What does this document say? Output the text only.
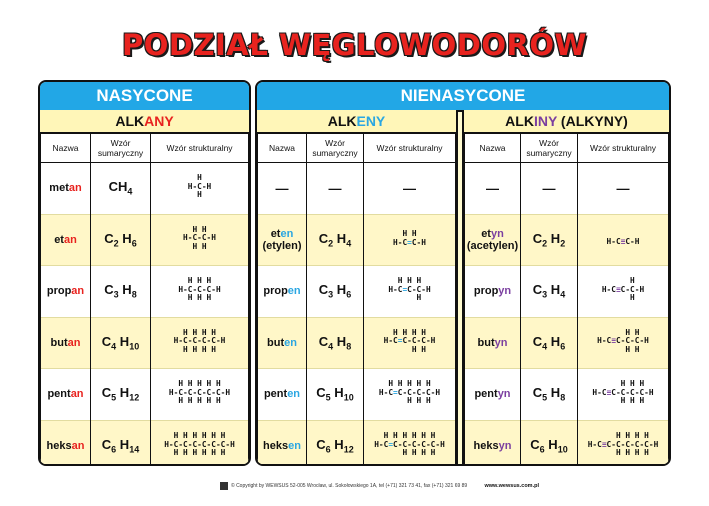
PODZIAŁ WĘGLOWODORÓW
NASYCONE
ALKANY
Nazwa	Wzór sumaryczny	Wzór strukturalny
metan	$CH_4$	H
H-C-H
H
etan	$C_2$ $H_6$	H H
H-C-C-H
H H
propan	$C_3$ $H_8$	H H H
H-C-C-C-H
H H H
butan	$C_4$ $H_{10}$	H H H H
H-C-C-C-C-H
H H H H
pentan	$C_5$ $H_{12}$	H H H H H
H-C-C-C-C-C-H
H H H H H
heksan	$C_6$ $H_{14}$	H H H H H H
H-C-C-C-C-C-C-H
H H H H H H
NIENASYCONE
ALKENY
Nazwa	Wzór sumaryczny	Wzór strukturalny
—	—	—
eten
(etylen)	$C_2$ $H_4$	H H
H-C=C-H
propen	$C_3$ $H_6$	H H H
H-C=C-C-H
H
buten	$C_4$ $H_8$	H H H H
H-C=C-C-C-H
H H
penten	$C_5$ $H_{10}$	H H H H H
H-C=C-C-C-C-H
H H H
heksen	$C_6$ $H_{12}$	H H H H H H
H-C=C-C-C-C-C-H
H H H H
ALKINY (ALKYNY)
Nazwa	Wzór sumaryczny	Wzór strukturalny
—	—	—
etyn
(acetylen)	$C_2$ $H_2$	H-C≡C-H
propyn	$C_3$ $H_4$	H
H-C≡C-C-H
H
butyn	$C_4$ $H_6$	H H
H-C≡C-C-C-H
H H
pentyn	$C_5$ $H_8$	H H H
H-C≡C-C-C-C-H
H H H
heksyn	$C_6$ $H_{10}$	H H H H
H-C≡C-C-C-C-C-H
H H H H
© Copyright by WEWSUS 52-005 Wrocław, ul. Sokołowskiego 1A, tel (+71) 321 73 41, fax (+71) 321 69 89	www.wewsus.com.pl
